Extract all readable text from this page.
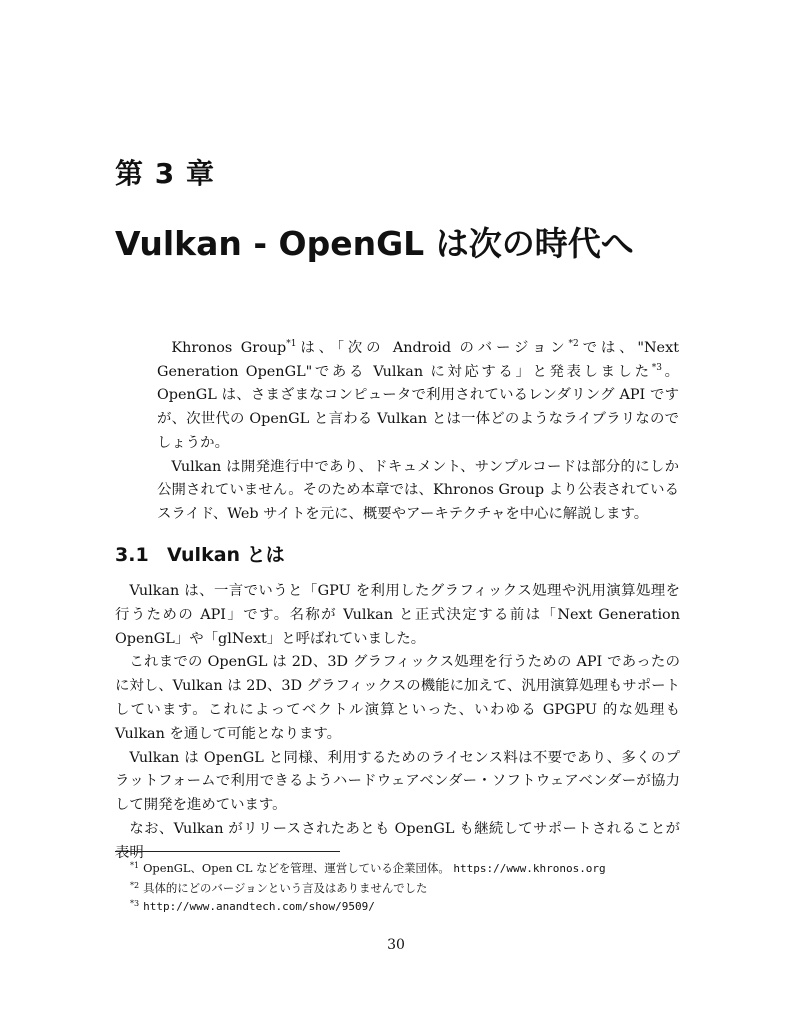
第 3 章
Vulkan - OpenGL は次の時代へ

Khronos Group$^{*1}$は、「次の Android のバージョン$^{*2}$では、"Next Generation OpenGL"である Vulkan に対応する」と発表しました$^{*3}$。OpenGL は、さまざまなコンピュータで利用されているレンダリング API ですが、次世代の OpenGL と言わる Vulkan とは一体どのようなライブラリなのでしょうか。

Vulkan は開発進行中であり、ドキュメント、サンプルコードは部分的にしか公開されていません。そのため本章では、Khronos Group より公表されているスライド、Web サイトを元に、概要やアーキテクチャを中心に解説します。

3.1 Vulkan とは

Vulkan は、一言でいうと「GPU を利用したグラフィックス処理や汎用演算処理を行うための API」です。名称が Vulkan と正式決定する前は「Next Generation OpenGL」や「glNext」と呼ばれていました。

これまでの OpenGL は 2D、3D グラフィックス処理を行うための API であったのに対し、Vulkan は 2D、3D グラフィックスの機能に加えて、汎用演算処理もサポートしています。これによってベクトル演算といった、いわゆる GPGPU 的な処理も Vulkan を通して可能となります。

Vulkan は OpenGL と同様、利用するためのライセンス料は不要であり、多くのプラットフォームで利用できるようハードウェアベンダー・ソフトウェアベンダーが協力して開発を進めています。

なお、Vulkan がリリースされたあとも OpenGL も継続してサポートされることが表明

$^{*1}$ OpenGL、Open CL などを管理、運営している企業団体。 https://www.khronos.org
$^{*2}$ 具体的にどのバージョンという言及はありませんでした
$^{*3}$ http://www.anandtech.com/show/9509/
30
